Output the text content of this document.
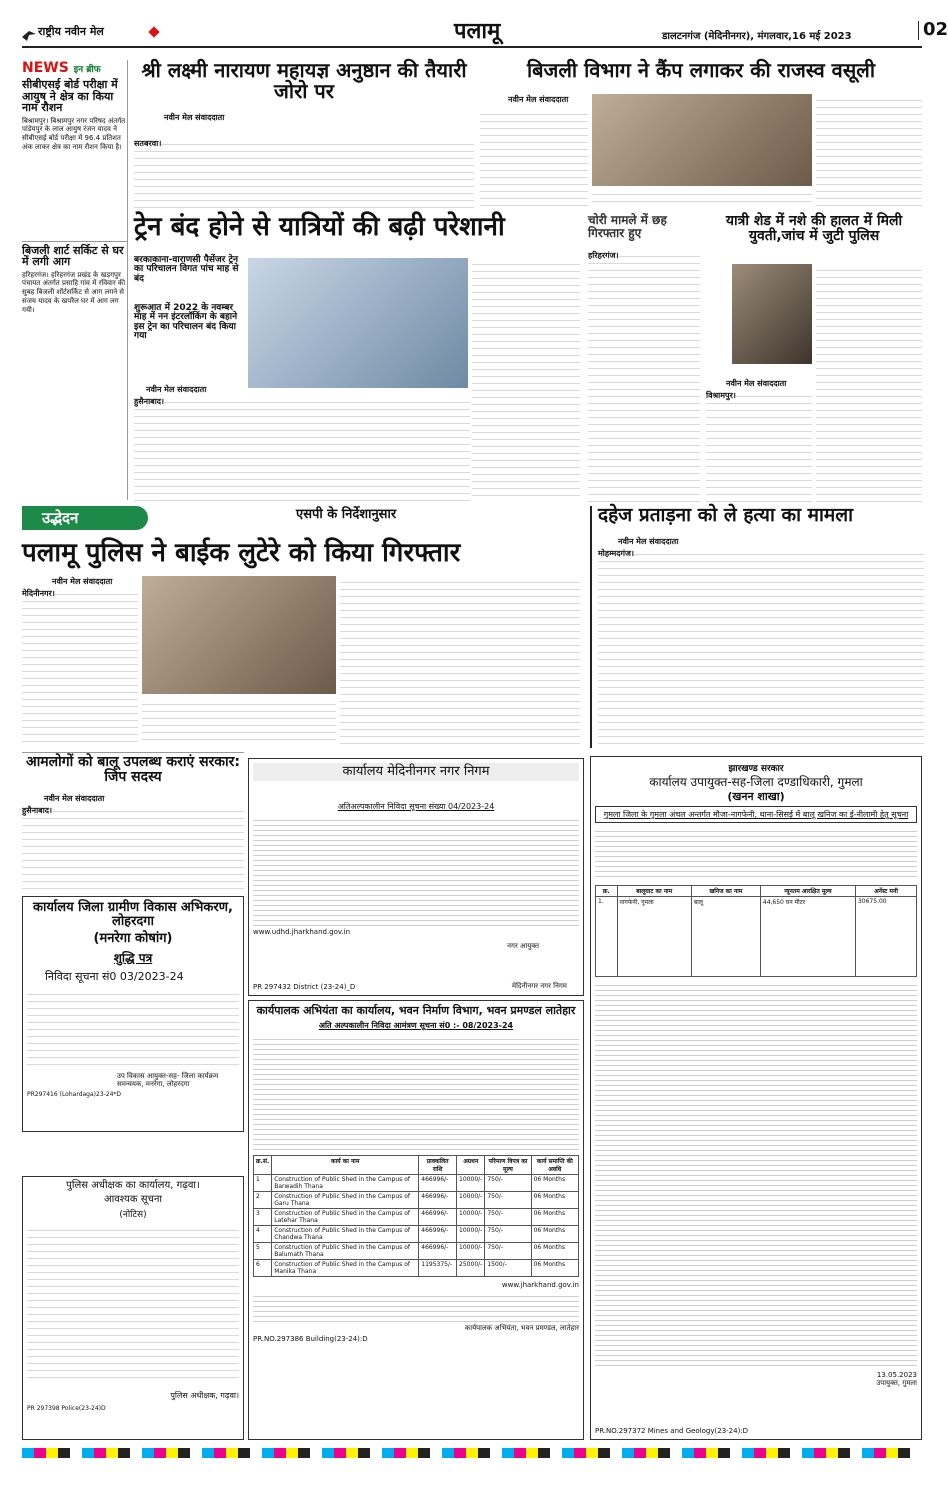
राष्ट्रीय नवीन मेल	पलामू	डालटनगंज (मेदिनीनगर), मंगलवार,16 मई 2023	02
NEWS इन ब्रीफ
सीबीएसई बोर्ड परीक्षा में आयुष ने क्षेत्र का किया नाम रौशन
बिश्रामपुर। बिश्रामपुर नगर परिषद अंतर्गत पांडेयपुर के लाल आयुष रंजन यादव ने सीबीएसई बोर्ड परीक्षा में 96.4 प्रतिशत अंक लाकर क्षेत्र का नाम रौशन किया है।
बिजली शार्ट सर्किट से घर में लगी आग
हरिहरगंज। हरिहरगंज प्रखंड के खड़गपुर पंचायत अंतर्गत प्रसाहि गांव में रविवार की सुबह बिजली शॉर्टसर्किट से आग लगने से संजय यादव के खपरैल घर में आग लग गयी।
श्री लक्ष्मी नारायण महायज्ञ अनुष्ठान की तैयारी जोरो पर
नवीन मेल संवाददाता
सतबरवा।
बिजली विभाग ने कैंप लगाकर की राजस्व वसूली
नवीन मेल संवाददाता
ट्रेन बंद होने से यात्रियों की बढ़ी परेशानी
बरकाकाना-वाराणसी पैसेंजर ट्रेन का परिचालन विगत पांच माह से बंद
शुरूआत में 2022 के नवम्बर माह में नन इंटरलॉकिंग के बहाने इस ट्रेन का परिचालन बंद किया गया
नवीन मेल संवाददाता
हुसैनाबाद।
चोरी मामले में छह गिरफ्तार हुए
हरिहरगंज।
यात्री शेड में नशे की हालत में मिली युवती,जांच में जुटी पुलिस
नवीन मेल संवाददाता
विश्रामपुर।
उद्भेदन	एसपी के निर्देशानुसार
पलामू पुलिस ने बाईक लुटेरे को किया गिरफ्तार
नवीन मेल संवाददाता
मेदिनीनगर।
दहेज प्रताड़ना को ले हत्या का मामला
नवीन मेल संवाददाता
मोहम्मदगंज।
आमलोगों को बालू उपलब्ध कराएं सरकार: जिप सदस्य
नवीन मेल संवाददाता
हुसैनाबाद।
कार्यालय जिला ग्रामीण विकास अभिकरण, लोहरदगा
(मनरेगा कोषांग)
शुद्धि पत्र
निविदा सूचना सं0 03/2023-24
उप विकास आयुक्त-सह- जिला कार्यक्रम समन्वयक, मनरेगा, लोहरदगा
PR297416 (Lohardaga)23-24*D
पुलिस अधीक्षक का कार्यालय, गढ़वा।
आवश्यक सूचना
(नोटिस)
पुलिस अधीक्षक, गढ़वा।
PR 297398 Police(23-24)D
कार्यालय मेदिनीनगर नगर निगम
अतिअल्पकालीन निविदा सूचना संख्या 04/2023-24
www.udhd.jharkhand.gov.in
नगर आयुक्त
PR 297432 District (23-24)_D	मेदिनीनगर नगर निगम
कार्यपालक अभियंता का कार्यालय, भवन निर्माण विभाग, भवन प्रमण्डल लातेहार
अति अल्पकालीन निविदा आमंत्रण सूचना सं0 :- 08/2023-24
क्र.सं.	कार्य का नाम	प्राक्कलित राशि	अग्रधन	परिमाण विपत्र का मूल्य	कार्य समाप्ति की अवधि
1	Construction of Public Shed in the Campus of Barwadih Thana	466996/-	10000/-	750/-	06 Months
2	Construction of Public Shed in the Campus of Garu Thana	466996/-	10000/-	750/-	06 Months
3	Construction of Public Shed in the Campus of Latehar Thana	466996/-	10000/-	750/-	06 Months
4	Construction of Public Shed in the Campus of Chandwa Thana	466996/-	10000/-	750/-	06 Months
5	Construction of Public Shed in the Campus of Balumath Thana	466996/-	10000/-	750/-	06 Months
6	Construction of Public Shed in the Campus of Manika Thana	1195375/-	25000/-	1500/-	06 Months
www.jharkhand.gov.in
कार्यपालक अभियंता, भवन प्रमण्डल, लातेहार
PR.NO.297386 Building(23-24):D
झारखण्ड सरकार
कार्यालय उपायुक्त-सह-जिला दण्डाधिकारी, गुमला
(खनन शाखा)
गुमला जिला के गुमला अंचल अन्तर्गत मौजा-नागफेनी, थाना-सिसई में बालू खनिज का ई-नीलामी हेतु सूचना
क्र.	बालूघाट का नाम	खनिज का नाम	न्यूनतम आरक्षित मूल्य	अर्नेस्ट मनी
1.	नागफेनी, गुमला	बालू	44,650 घन मीटर	30675.00
13.05.2023
उपायुक्त, गुमला
PR.NO.297372 Mines and Geology(23-24):D
